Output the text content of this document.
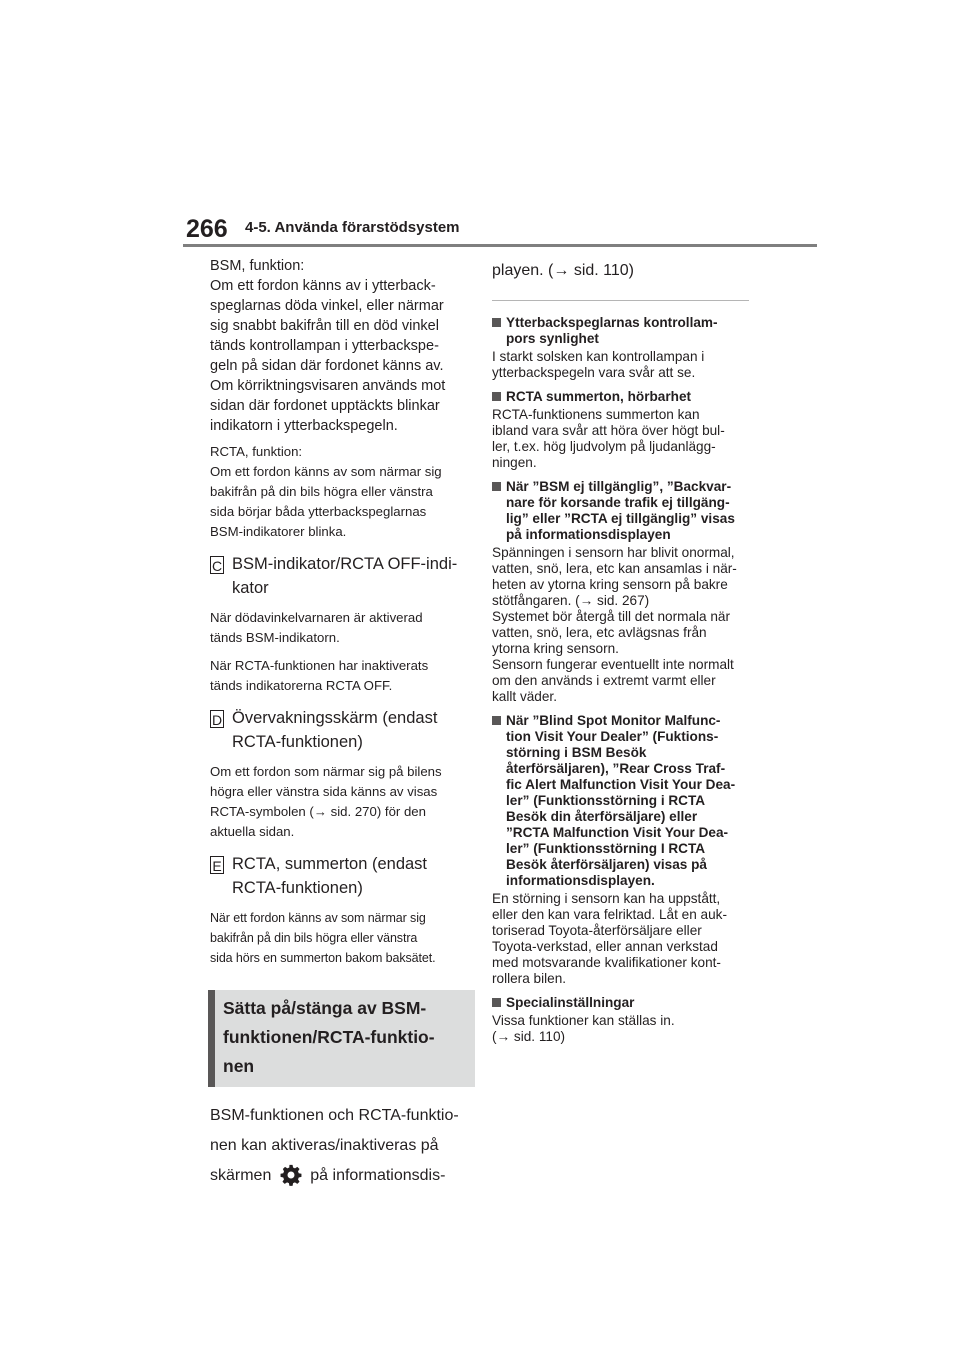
266 4-5. Använda förarstödsystem

BSM, funktion:
Om ett fordon känns av i ytterback-
speglarnas döda vinkel, eller närmar
sig snabbt bakifrån till en död vinkel
tänds kontrollampan i ytterbackspe-
geln på sidan där fordonet känns av.
Om körriktningsvisaren används mot
sidan där fordonet upptäckts blinkar
indikatorn i ytterbackspegeln.

RCTA, funktion:
Om ett fordon känns av som närmar sig
bakifrån på din bils högra eller vänstra
sida börjar båda ytterbackspeglarnas
BSM-indikatorer blinka.

C BSM-indikator/RCTA OFF-indi-
kator

När dödavinkelvarnaren är aktiverad
tänds BSM-indikatorn.

När RCTA-funktionen har inaktiverats
tänds indikatorerna RCTA OFF.

D Övervakningsskärm (endast
RCTA-funktionen)

Om ett fordon som närmar sig på bilens
högra eller vänstra sida känns av visas
RCTA-symbolen (→ sid. 270) för den
aktuella sidan.

E RCTA, summerton (endast
RCTA-funktionen)

När ett fordon känns av som närmar sig
bakifrån på din bils högra eller vänstra
sida hörs en summerton bakom baksätet.

Sätta på/stänga av BSM-
funktionen/RCTA-funktio-
nen
BSM-funktionen och RCTA-funktio-
nen kan aktiveras/inaktiveras på
skärmen på informationsdis-
playen. (→ sid. 110)
Ytterbackspeglarnas kontrollam-
pors synlighet

I starkt solsken kan kontrollampan i
ytterbackspegeln vara svår att se.

RCTA summerton, hörbarhet

RCTA-funktionens summerton kan
ibland vara svår att höra över högt bul-
ler, t.ex. hög ljudvolym på ljudanlägg-
ningen.

När ”BSM ej tillgänglig”, ”Backvar-
nare för korsande trafik ej tillgäng-
lig” eller ”RCTA ej tillgänglig” visas
på informationsdisplayen

Spänningen i sensorn har blivit onormal,
vatten, snö, lera, etc kan ansamlas i när-
heten av ytorna kring sensorn på bakre
stötfångaren. (→ sid. 267)
Systemet bör återgå till det normala när
vatten, snö, lera, etc avlägsnas från
ytorna kring sensorn.
Sensorn fungerar eventuellt inte normalt
om den används i extremt varmt eller
kallt väder.

När ”Blind Spot Monitor Malfunc-
tion Visit Your Dealer” (Fuktions-
störning i BSM Besök
återförsäljaren), ”Rear Cross Traf-
fic Alert Malfunction Visit Your Dea-
ler” (Funktionsstörning i RCTA
Besök din återförsäljare) eller
”RCTA Malfunction Visit Your Dea-
ler” (Funktionsstörning I RCTA
Besök återförsäljaren) visas på
informationsdisplayen.

En störning i sensorn kan ha uppstått,
eller den kan vara felriktad. Låt en auk-
toriserad Toyota-återförsäljare eller
Toyota-verkstad, eller annan verkstad
med motsvarande kvalifikationer kont-
rollera bilen.

Specialinställningar

Vissa funktioner kan ställas in.
(→ sid. 110)
